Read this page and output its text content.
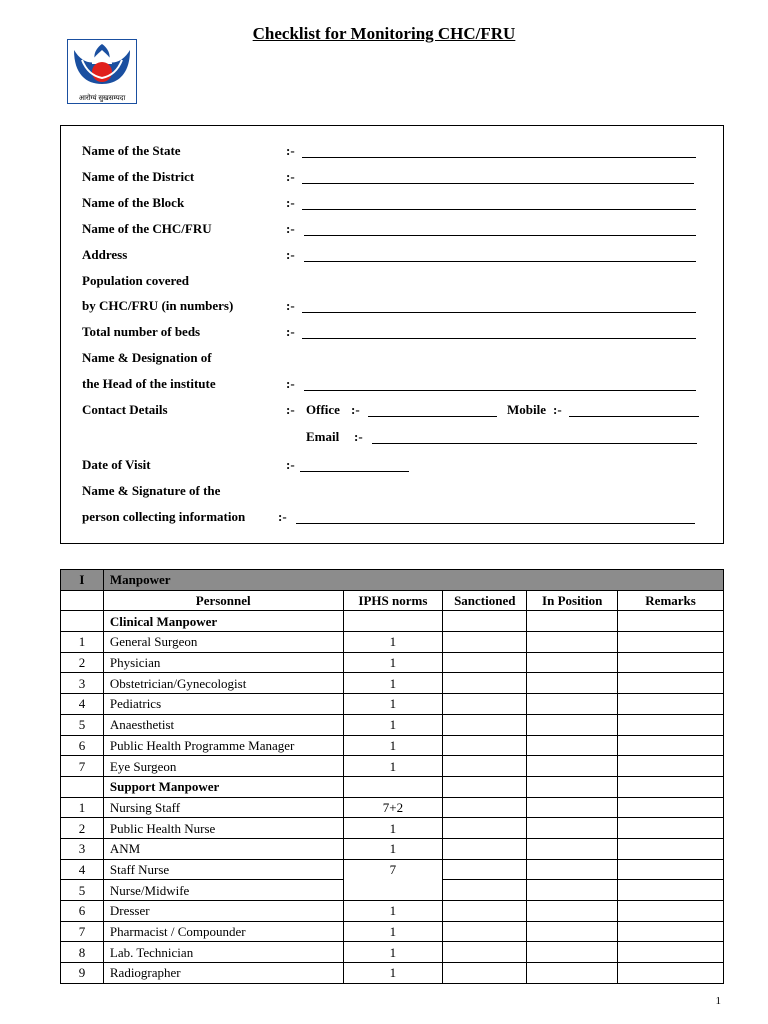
Checklist for Monitoring CHC/FRU
आरोग्यं सुखसम्पदा
Name of the State	:-
Name of the District	:-
Name of the Block	:-
Name of the CHC/FRU	:-
Address	:-
Population covered
by CHC/FRU (in numbers)	:-
Total number of beds	:-
Name & Designation of
the Head of the institute	:-
Contact Details	:- Office :-	Mobile :-
Email :-
Date of Visit	:-
Name & Signature of the
person collecting information	:-
I	Manpower				
	Personnel	IPHS norms	Sanctioned	In Position	Remarks
	Clinical Manpower				
1	General Surgeon	1			
2	Physician	1			
3	Obstetrician/Gynecologist	1			
4	Pediatrics	1			
5	Anaesthetist	1			
6	Public Health Programme Manager	1			
7	Eye Surgeon	1			
	Support Manpower				
1	Nursing Staff	7+2			
2	Public Health Nurse	1			
3	ANM	1			
4	Staff Nurse	7			
5	Nurse/Midwife				
6	Dresser	1			
7	Pharmacist / Compounder	1			
8	Lab. Technician	1			
9	Radiographer	1			
1
